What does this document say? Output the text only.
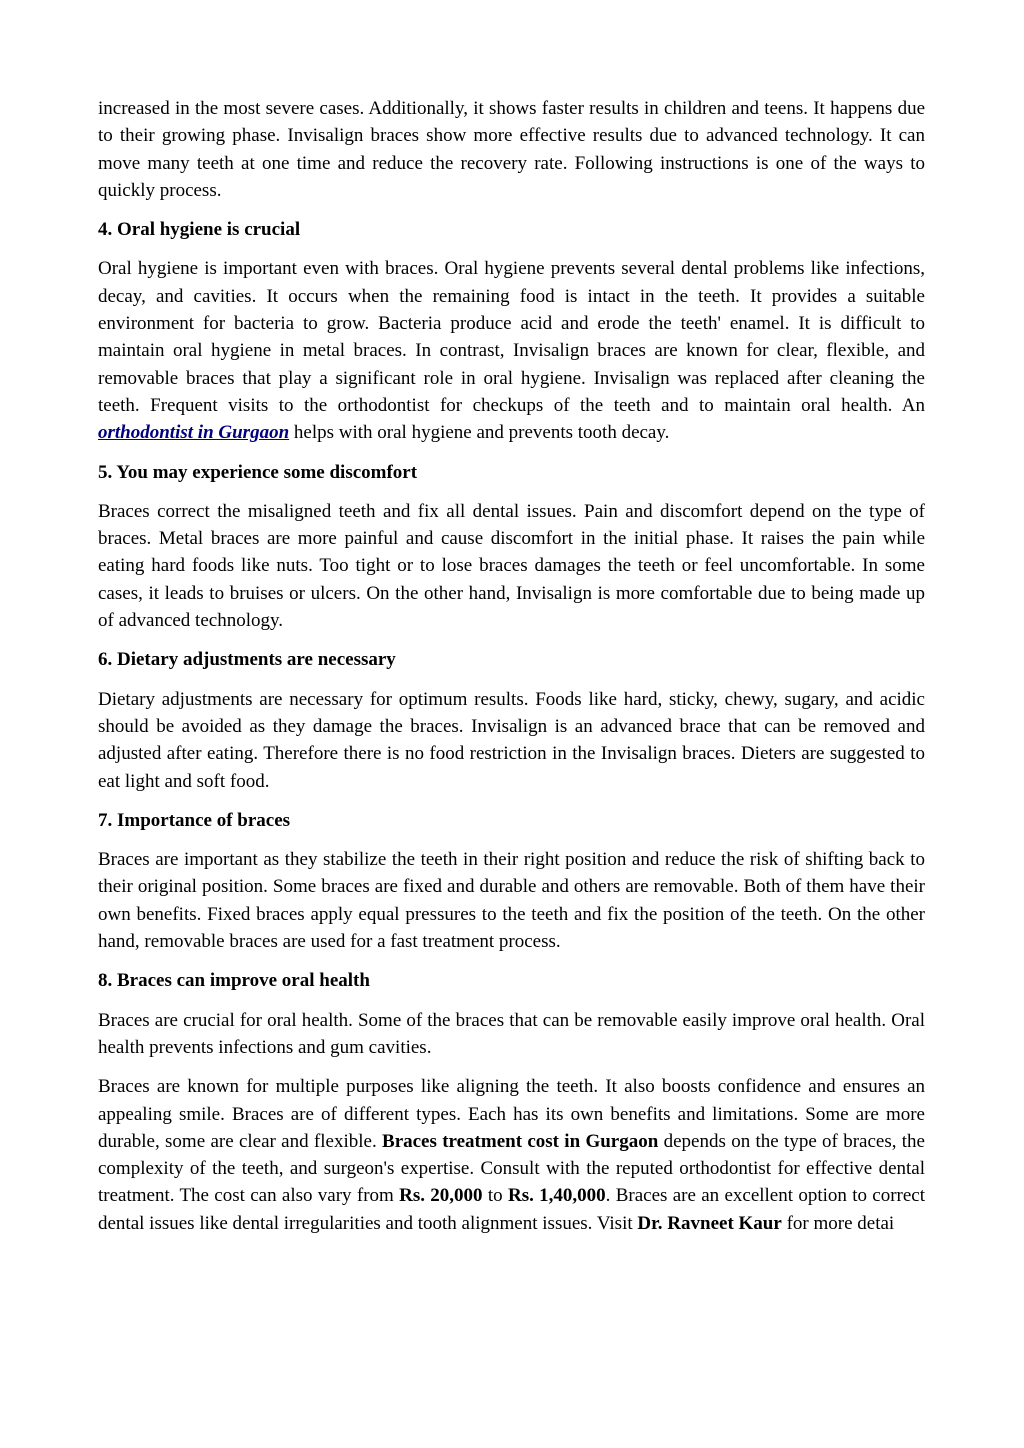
increased in the most severe cases. Additionally, it shows faster results in children and teens. It happens due to their growing phase. Invisalign braces show more effective results due to advanced technology. It can move many teeth at one time and reduce the recovery rate. Following instructions is one of the ways to quickly process.

4. Oral hygiene is crucial

Oral hygiene is important even with braces. Oral hygiene prevents several dental problems like infections, decay, and cavities. It occurs when the remaining food is intact in the teeth. It provides a suitable environment for bacteria to grow. Bacteria produce acid and erode the teeth' enamel. It is difficult to maintain oral hygiene in metal braces. In contrast, Invisalign braces are known for clear, flexible, and removable braces that play a significant role in oral hygiene. Invisalign was replaced after cleaning the teeth. Frequent visits to the orthodontist for checkups of the teeth and to maintain oral health. An orthodontist in Gurgaon helps with oral hygiene and prevents tooth decay.

5. You may experience some discomfort

Braces correct the misaligned teeth and fix all dental issues. Pain and discomfort depend on the type of braces. Metal braces are more painful and cause discomfort in the initial phase. It raises the pain while eating hard foods like nuts. Too tight or to lose braces damages the teeth or feel uncomfortable. In some cases, it leads to bruises or ulcers. On the other hand, Invisalign is more comfortable due to being made up of advanced technology.

6. Dietary adjustments are necessary

Dietary adjustments are necessary for optimum results. Foods like hard, sticky, chewy, sugary, and acidic should be avoided as they damage the braces. Invisalign is an advanced brace that can be removed and adjusted after eating. Therefore there is no food restriction in the Invisalign braces. Dieters are suggested to eat light and soft food.

7. Importance of braces

Braces are important as they stabilize the teeth in their right position and reduce the risk of shifting back to their original position. Some braces are fixed and durable and others are removable. Both of them have their own benefits. Fixed braces apply equal pressures to the teeth and fix the position of the teeth. On the other hand, removable braces are used for a fast treatment process.

8. Braces can improve oral health

Braces are crucial for oral health. Some of the braces that can be removable easily improve oral health. Oral health prevents infections and gum cavities.

Braces are known for multiple purposes like aligning the teeth. It also boosts confidence and ensures an appealing smile. Braces are of different types. Each has its own benefits and limitations. Some are more durable, some are clear and flexible. Braces treatment cost in Gurgaon depends on the type of braces, the complexity of the teeth, and surgeon's expertise. Consult with the reputed orthodontist for effective dental treatment. The cost can also vary from Rs. 20,000 to Rs. 1,40,000. Braces are an excellent option to correct dental issues like dental irregularities and tooth alignment issues. Visit Dr. Ravneet Kaur for more detai
